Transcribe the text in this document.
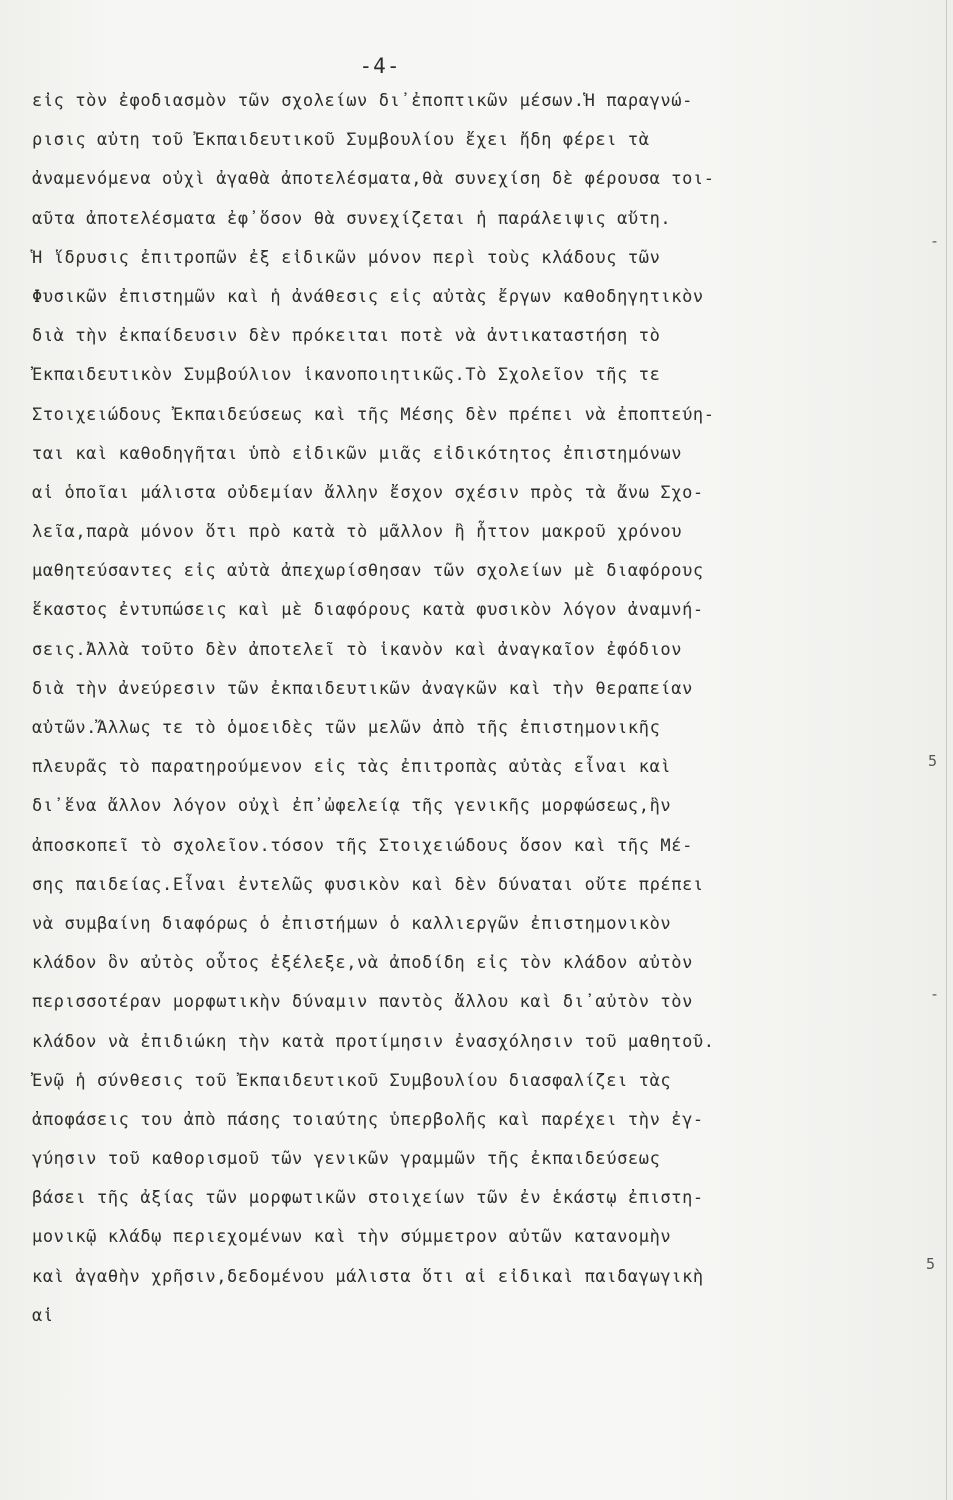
-4-
εἰς τὸν ἐφοδιασμὸν τῶν σχολείων δι᾽ἐποπτικῶν μέσων.Ἡ παραγνώ-
ρισις αὐτη τοῦ Ἐκπαιδευτικοῦ Συμβουλίου ἔχει ἤδη φέρει τὰ
ἀναμενόμενα οὐχὶ ἀγαθὰ ἀποτελέσματα,θὰ συνεχίση δὲ φέρουσα τοι-
αῦτα ἀποτελέσματα ἐφ᾽ὅσον θὰ συνεχίζεται ἡ παράλειψις αὔτη.
Ἡ ἵδρυσις ἐπιτροπῶν ἐξ εἰδικῶν μόνον περὶ τοὺς κλάδους τῶν
Φυσικῶν ἐπιστημῶν καὶ ἡ ἀνάθεσις εἰς αὐτὰς ἔργων καθοδηγητικὸν
διὰ τὴν ἐκπαίδευσιν δὲν πρόκειται ποτὲ νὰ ἀντικαταστήση τὸ
Ἐκπαιδευτικὸν Συμβούλιον ἱκανοποιητικῶς.Τὸ Σχολεῖον τῆς τε
Στοιχειώδους Ἐκπαιδεύσεως καὶ τῆς Μέσης δὲν πρέπει νὰ ἐποπτεύη-
ται καὶ καθοδηγῆται ὑπὸ εἰδικῶν μιᾶς εἰδικότητος ἐπιστημόνων
αἱ ὁποῖαι μάλιστα οὐδεμίαν ἄλλην ἔσχον σχέσιν πρὸς τὰ ἄνω Σχο-
λεῖα,παρὰ μόνον ὅτι πρὸ κατὰ τὸ μᾶλλον ἢ ἧττον μακροῦ χρόνου
μαθητεύσαντες εἰς αὐτὰ ἀπεχωρίσθησαν τῶν σχολείων μὲ διαφόρους
ἕκαστος ἐντυπώσεις καὶ μὲ διαφόρους κατὰ φυσικὸν λόγον ἀναμνή-
σεις.Ἀλλὰ τοῦτο δὲν ἀποτελεῖ τὸ ἱκανὸν καὶ ἀναγκαῖον ἐφόδιον
διὰ τὴν ἀνεύρεσιν τῶν ἐκπαιδευτικῶν ἀναγκῶν καὶ τὴν θεραπείαν
αὐτῶν.Ἄλλως τε τὸ ὁμοειδὲς τῶν μελῶν ἀπὸ τῆς ἐπιστημονικῆς
πλευρᾶς τὸ παρατηρούμενον εἰς τὰς ἐπιτροπὰς αὐτὰς εἶναι καὶ
δι᾽ἕνα ἄλλον λόγον οὐχὶ ἐπ᾽ὠφελείᾳ τῆς γενικῆς μορφώσεως,ἣν
ἀποσκοπεῖ τὸ σχολεῖον.τόσον τῆς Στοιχειώδους ὅσον καὶ τῆς Μέ-
σης παιδείας.Εἶναι ἐντελῶς φυσικὸν καὶ δὲν δύναται οὔτε πρέπει
νὰ συμβαίνη διαφόρως ὁ ἐπιστήμων ὁ καλλιεργῶν ἐπιστημονικὸν
κλάδον ὃν αὐτὸς οὗτος ἐξέλεξε,νὰ ἀποδίδη εἰς τὸν κλάδον αὐτὸν
περισσοτέραν μορφωτικὴν δύναμιν παντὸς ἄλλου καὶ δι᾽αὐτὸν τὸν
κλάδον νὰ ἐπιδιώκη τὴν κατὰ προτίμησιν ἐνασχόλησιν τοῦ μαθητοῦ.
Ἐνῷ ἡ σύνθεσις τοῦ Ἐκπαιδευτικοῦ Συμβουλίου διασφαλίζει τὰς
ἀποφάσεις του ἀπὸ πάσης τοιαύτης ὑπερβολῆς καὶ παρέχει τὴν ἐγ-
γύησιν τοῦ καθορισμοῦ τῶν γενικῶν γραμμῶν τῆς ἐκπαιδεύσεως
βάσει τῆς ἀξίας τῶν μορφωτικῶν στοιχείων τῶν ἐν ἑκάστῳ ἐπιστη-
μονικῷ κλάδῳ περιεχομένων καὶ τὴν σύμμετρον αὐτῶν κατανομὴν
καὶ ἀγαθὴν χρῆσιν,δεδομένου μάλιστα ὅτι αἱ εἰδικαὶ παιδαγωγικὴ
αἱ
-
5
-
5
